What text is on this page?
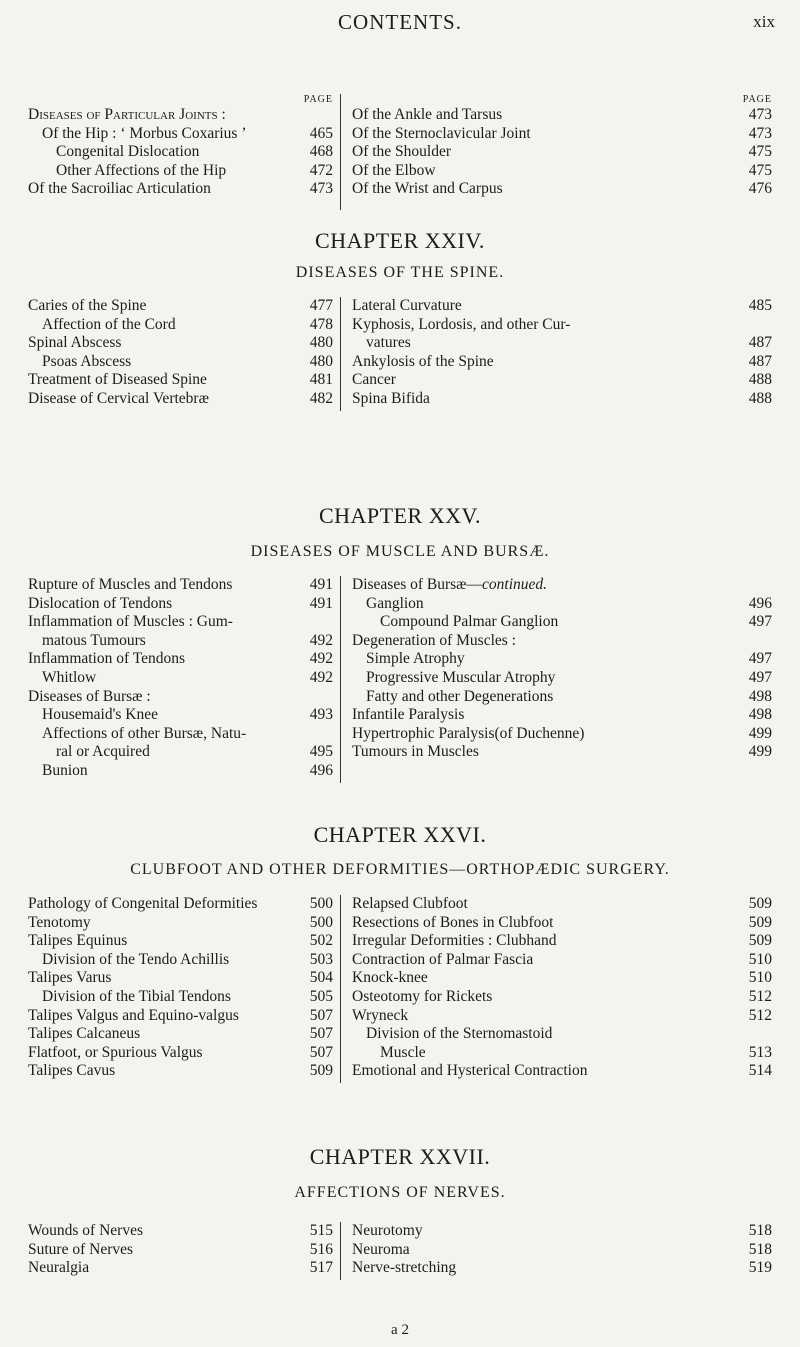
CONTENTS.	xix
PAGE
Diseases of Particular Joints :
Of the Hip : ‘ Morbus Coxarius ’	465
Congenital Dislocation	468
Other Affections of the Hip	472
Of the Sacroiliac Articulation	473
PAGE
Of the Ankle and Tarsus	473
Of the Sternoclavicular Joint	473
Of the Shoulder	475
Of the Elbow	475
Of the Wrist and Carpus	476
CHAPTER XXIV.
DISEASES OF THE SPINE.
Caries of the Spine	477
Affection of the Cord	478
Spinal Abscess	480
Psoas Abscess	480
Treatment of Diseased Spine	481
Disease of Cervical Vertebræ	482
Lateral Curvature	485
Kyphosis, Lordosis, and other Cur-
vatures	487
Ankylosis of the Spine	487
Cancer	488
Spina Bifida	488
CHAPTER XXV.
DISEASES OF MUSCLE AND BURSÆ.
Rupture of Muscles and Tendons	491
Dislocation of Tendons	491
Inflammation of Muscles : Gum-
matous Tumours	492
Inflammation of Tendons	492
Whitlow	492
Diseases of Bursæ :
Housemaid's Knee	493
Affections of other Bursæ, Natu-
ral or Acquired	495
Bunion	496
Diseases of Bursæ—continued.
Ganglion	496
Compound Palmar Ganglion	497
Degeneration of Muscles :
Simple Atrophy	497
Progressive Muscular Atrophy	497
Fatty and other Degenerations	498
Infantile Paralysis	498
Hypertrophic Paralysis(of Duchenne)	499
Tumours in Muscles	499
CHAPTER XXVI.
CLUBFOOT AND OTHER DEFORMITIES—ORTHOPÆDIC SURGERY.
Pathology of Congenital Deformities	500
Tenotomy	500
Talipes Equinus	502
Division of the Tendo Achillis	503
Talipes Varus	504
Division of the Tibial Tendons	505
Talipes Valgus and Equino-valgus	507
Talipes Calcaneus	507
Flatfoot, or Spurious Valgus	507
Talipes Cavus	509
Relapsed Clubfoot	509
Resections of Bones in Clubfoot	509
Irregular Deformities : Clubhand	509
Contraction of Palmar Fascia	510
Knock-knee	510
Osteotomy for Rickets	512
Wryneck	512
Division of the Sternomastoid
Muscle	513
Emotional and Hysterical Contraction	514
CHAPTER XXVII.
AFFECTIONS OF NERVES.
Wounds of Nerves	515
Suture of Nerves	516
Neuralgia	517
Neurotomy	518
Neuroma	518
Nerve-stretching	519
a 2
